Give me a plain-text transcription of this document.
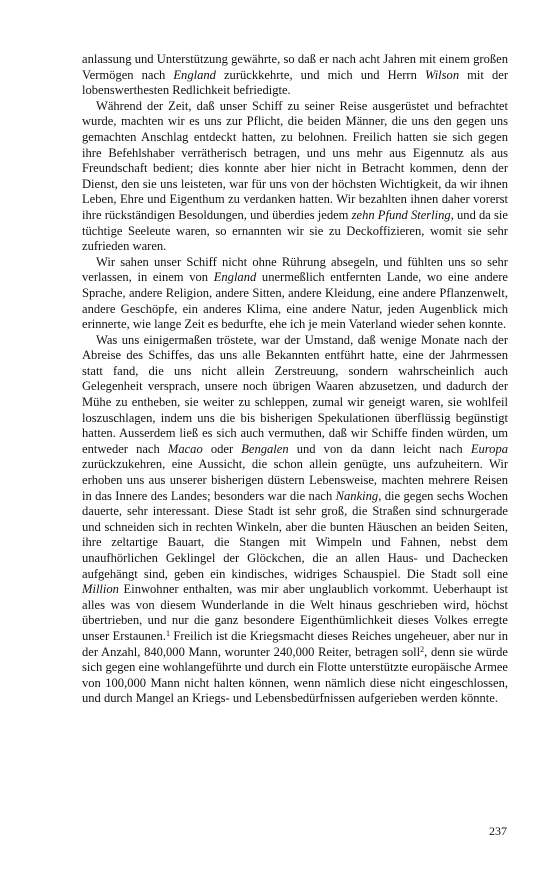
anlassung und Unterstützung gewährte, so daß er nach acht Jahren mit einem großen Vermögen nach England zurückkehrte, und mich und Herrn Wilson mit der lobenswerthesten Redlichkeit befriedigte.

Während der Zeit, daß unser Schiff zu seiner Reise ausgerüstet und befrachtet wurde, machten wir es uns zur Pflicht, die beiden Männer, die uns den gegen uns gemachten Anschlag entdeckt hatten, zu belohnen. Freilich hatten sie sich gegen ihre Befehlshaber verrätherisch betragen, und uns mehr aus Eigennutz als aus Freundschaft bedient; dies konnte aber hier nicht in Betracht kommen, denn der Dienst, den sie uns leisteten, war für uns von der höchsten Wichtigkeit, da wir ihnen Leben, Ehre und Eigenthum zu verdanken hatten. Wir bezahlten ihnen daher vorerst ihre rückständigen Besoldungen, und überdies jedem zehn Pfund Sterling, und da sie tüchtige Seeleute waren, so ernannten wir sie zu Deckoffizieren, womit sie sehr zufrieden waren.

Wir sahen unser Schiff nicht ohne Rührung absegeln, und fühlten uns so sehr verlassen, in einem von England unermeßlich entfernten Lande, wo eine andere Sprache, andere Religion, andere Sitten, andere Kleidung, eine andere Pflanzenwelt, andere Geschöpfe, ein anderes Klima, eine andere Natur, jeden Augenblick mich erinnerte, wie lange Zeit es bedurfte, ehe ich je mein Vaterland wieder sehen konnte.

Was uns einigermaßen tröstete, war der Umstand, daß wenige Monate nach der Abreise des Schiffes, das uns alle Bekannten entführt hatte, eine der Jahrmessen statt fand, die uns nicht allein Zerstreuung, sondern wahrscheinlich auch Gelegenheit versprach, unsere noch übrigen Waaren abzusetzen, und dadurch der Mühe zu entheben, sie weiter zu schleppen, zumal wir geneigt waren, sie wohlfeil loszuschlagen, indem uns die bis bisherigen Spekulationen überflüssig begünstigt hatten. Ausserdem ließ es sich auch vermuthen, daß wir Schiffe finden würden, um entweder nach Macao oder Bengalen und von da dann leicht nach Europa zurückzukehren, eine Aussicht, die schon allein genügte, uns aufzuheitern. Wir erhoben uns aus unserer bisherigen düstern Lebensweise, machten mehrere Reisen in das Innere des Landes; besonders war die nach Nanking, die gegen sechs Wochen dauerte, sehr interessant. Diese Stadt ist sehr groß, die Straßen sind schnurgerade und schneiden sich in rechten Winkeln, aber die bunten Häuschen an beiden Seiten, ihre zeltartige Bauart, die Stangen mit Wimpeln und Fahnen, nebst dem unaufhörlichen Geklingel der Glöckchen, die an allen Haus- und Dachecken aufgehängt sind, geben ein kindisches, widriges Schauspiel. Die Stadt soll eine Million Einwohner enthalten, was mir aber unglaublich vorkommt. Ueberhaupt ist alles was von diesem Wunderlande in die Welt hinaus geschrieben wird, höchst übertrieben, und nur die ganz besondere Eigenthümlichkeit dieses Volkes erregte unser Erstaunen.$^1$ Freilich ist die Kriegsmacht dieses Reiches ungeheuer, aber nur in der Anzahl, 840,000 Mann, worunter 240,000 Reiter, betragen soll$^2$, denn sie würde sich gegen eine wohlangeführte und durch ein Flotte unterstützte europäische Armee von 100,000 Mann nicht halten können, wenn nämlich diese nicht eingeschlossen, und durch Mangel an Kriegs- und Lebensbedürfnissen aufgerieben werden könnte.

237
